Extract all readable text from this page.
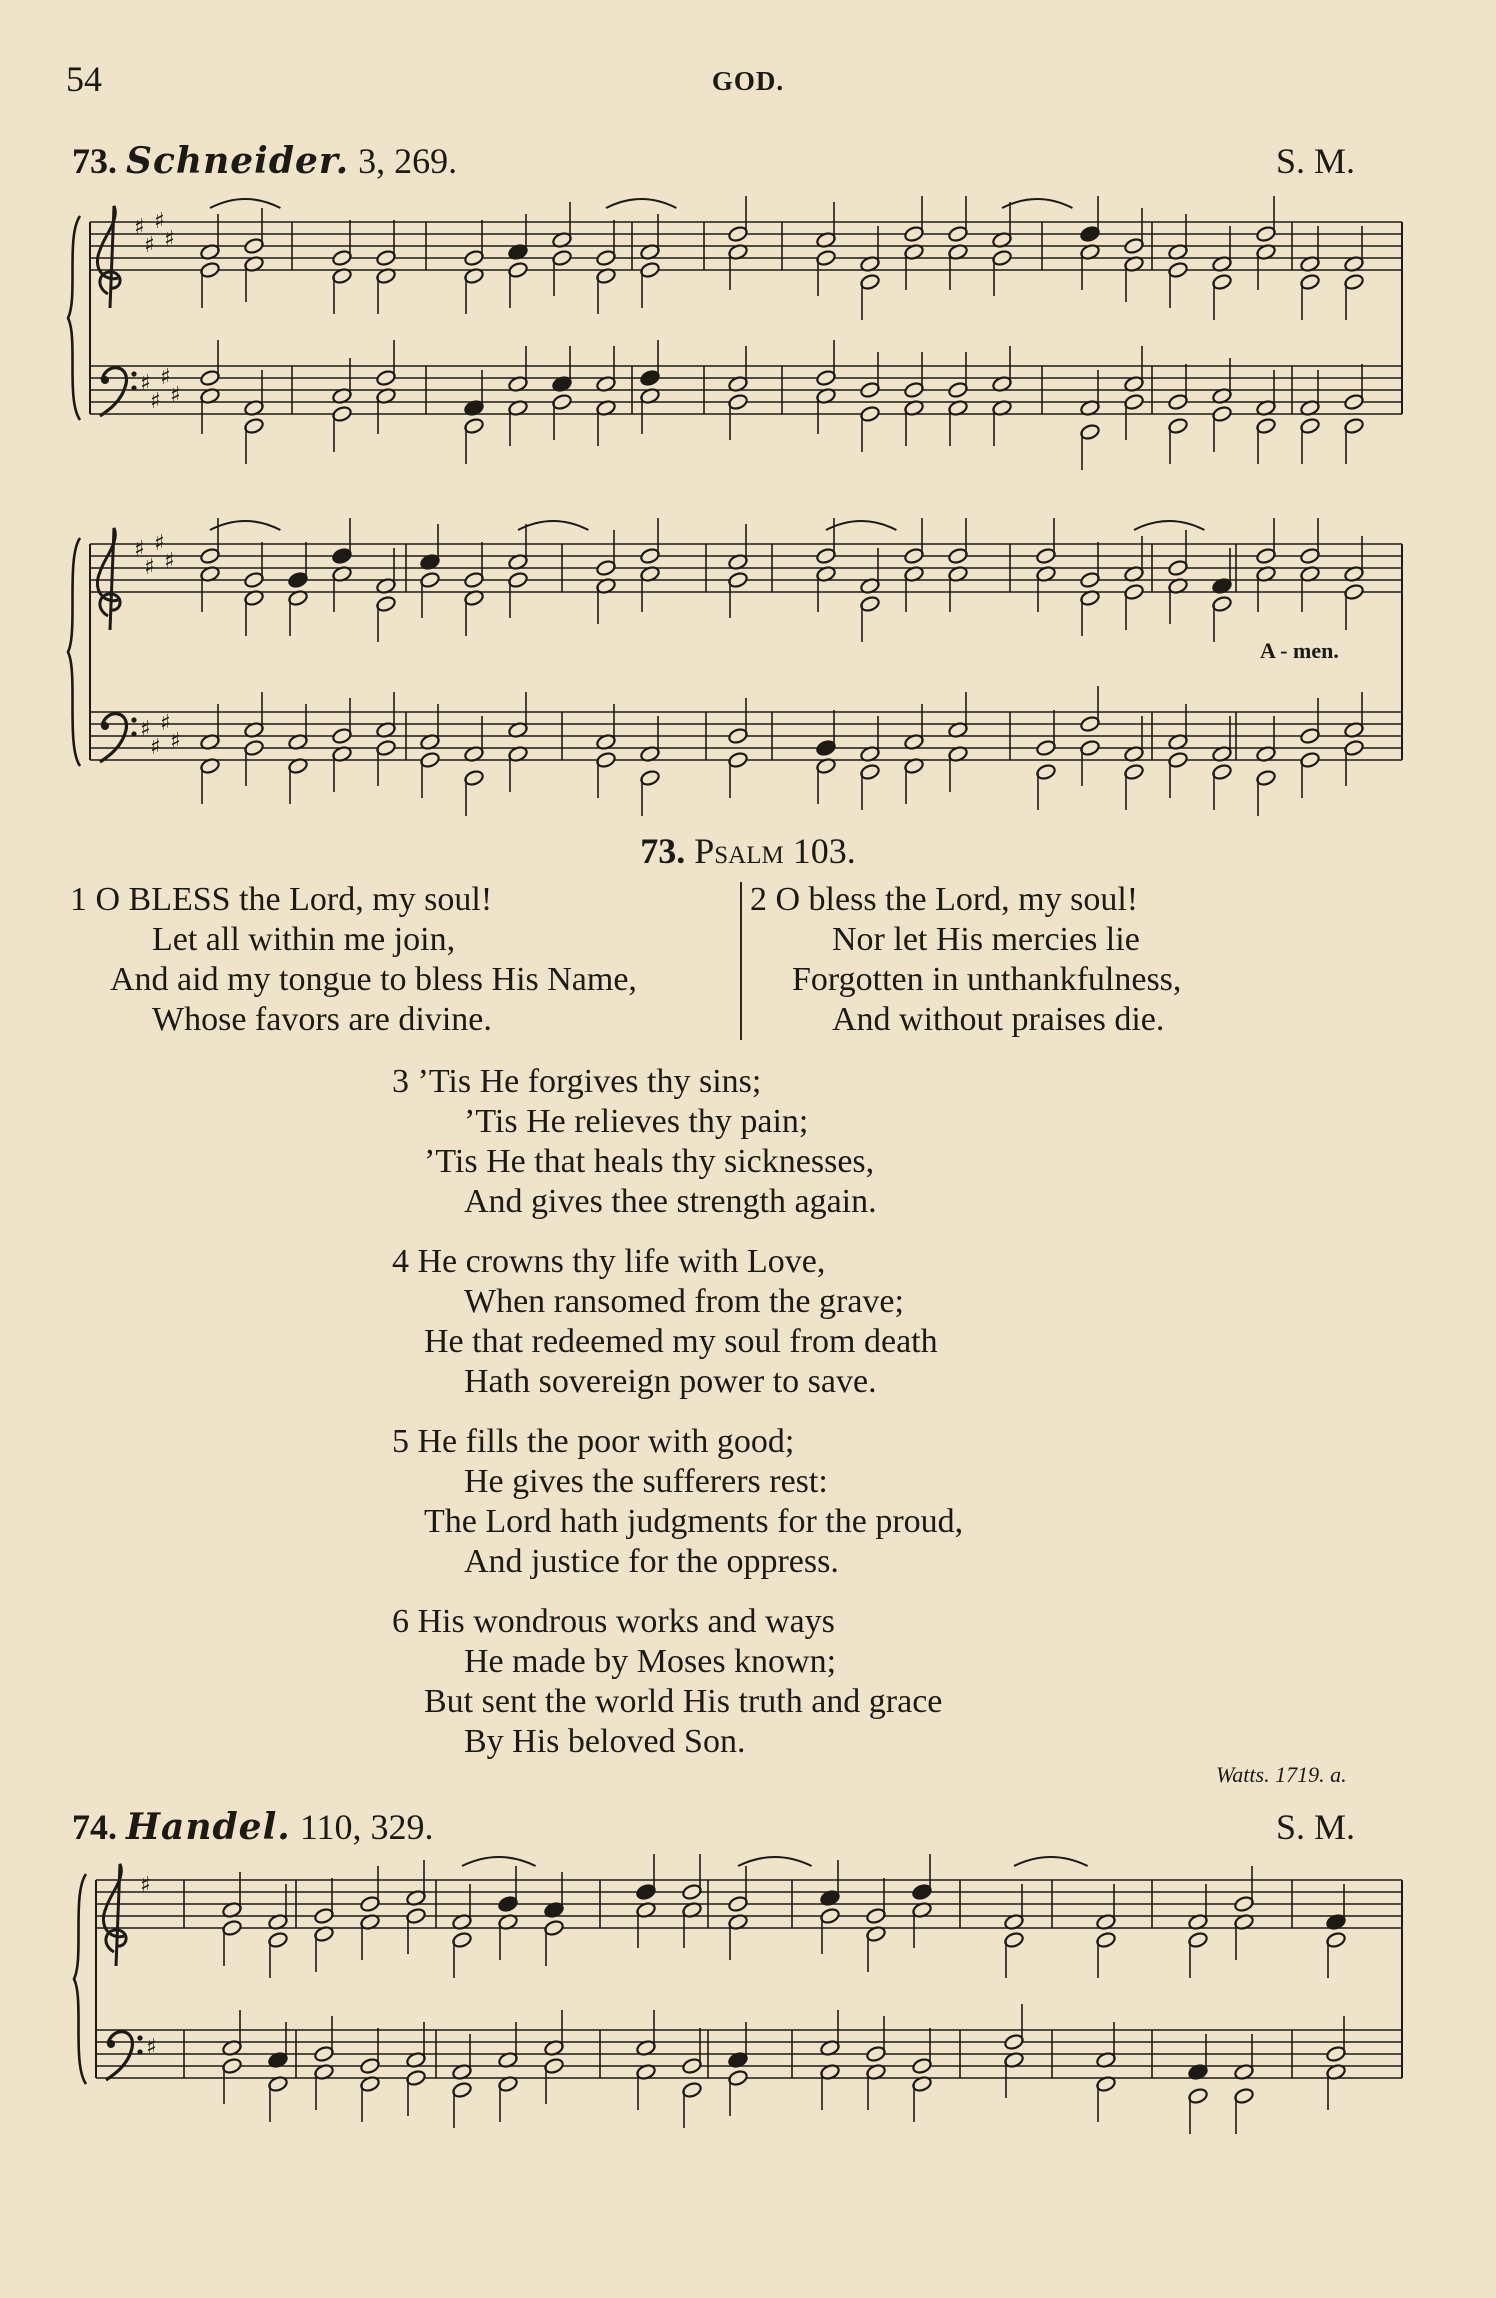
54	GOD.
73. Schneider. 3, 269.	S. M.
♯
♯
♯
♯
♯
♯
♯
♯
♯
♯
♯
♯
♯
♯
♯
♯
♯
♯
A - men.
73. Psalm 103.
1 O BLESS the Lord, my soul!
Let all within me join,
And aid my tongue to bless His Name,
Whose favors are divine.
2 O bless the Lord, my soul!
Nor let His mercies lie
Forgotten in unthankfulness,
And without praises die.
3 ’Tis He forgives thy sins;
’Tis He relieves thy pain;
’Tis He that heals thy sicknesses,
And gives thee strength again.
4 He crowns thy life with Love,
When ransomed from the grave;
He that redeemed my soul from death
Hath sovereign power to save.
5 He fills the poor with good;
He gives the sufferers rest:
The Lord hath judgments for the proud,
And justice for the oppress.
6 His wondrous works and ways
He made by Moses known;
But sent the world His truth and grace
By His beloved Son.
Watts. 1719. a.
74. Handel. 110, 329.	S. M.
